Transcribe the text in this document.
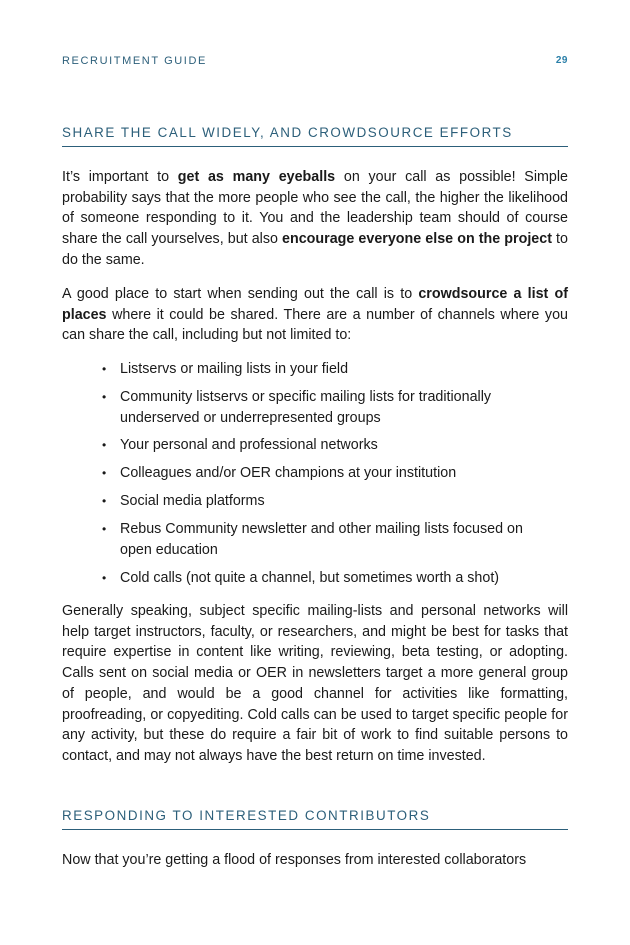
RECRUITMENT GUIDE	29
SHARE THE CALL WIDELY, AND CROWDSOURCE EFFORTS

It’s important to get as many eyeballs on your call as possible! Simple probability says that the more people who see the call, the higher the likelihood of someone responding to it. You and the leadership team should of course share the call yourselves, but also encourage everyone else on the project to do the same.

A good place to start when sending out the call is to crowdsource a list of places where it could be shared. There are a number of channels where you can share the call, including but not limited to:

• Listservs or mailing lists in your field
• Community listservs or specific mailing lists for traditionally underserved or underrepresented groups
• Your personal and professional networks
• Colleagues and/or OER champions at your institution
• Social media platforms
• Rebus Community newsletter and other mailing lists focused on open education
• Cold calls (not quite a channel, but sometimes worth a shot)

Generally speaking, subject specific mailing-lists and personal networks will help target instructors, faculty, or researchers, and might be best for tasks that require expertise in content like writing, reviewing, beta testing, or adopting. Calls sent on social media or OER in newsletters target a more general group of people, and would be a good channel for activities like formatting, proofreading, or copyediting. Cold calls can be used to target specific people for any activity, but these do require a fair bit of work to find suitable persons to contact, and may not always have the best return on time invested.

RESPONDING TO INTERESTED CONTRIBUTORS

Now that you’re getting a flood of responses from interested collaborators
